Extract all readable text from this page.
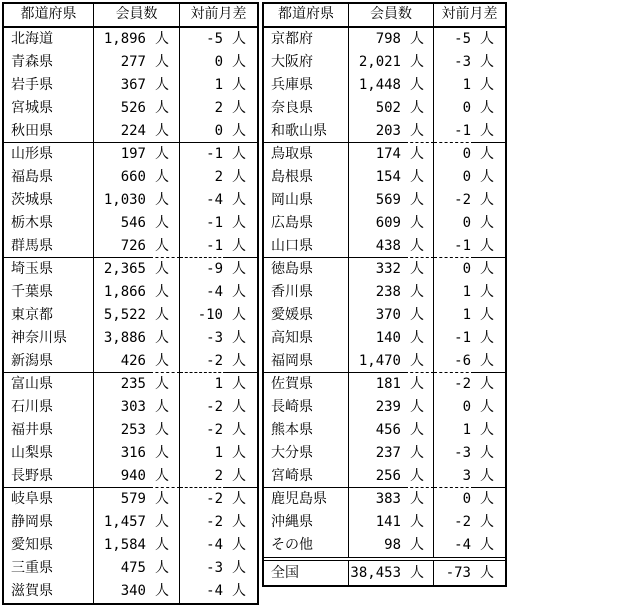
都道府県	会員数	対前月差
北海道	1,896 人	-5 人
青森県	277 人	0 人
岩手県	367 人	1 人
宮城県	526 人	2 人
秋田県	224 人	0 人
山形県	197 人	-1 人
福島県	660 人	2 人
茨城県	1,030 人	-4 人
栃木県	546 人	-1 人
群馬県	726 人	-1 人
埼玉県	2,365 人	-9 人
千葉県	1,866 人	-4 人
東京都	5,522 人	-10 人
神奈川県	3,886 人	-3 人
新潟県	426 人	-2 人
富山県	235 人	1 人
石川県	303 人	-2 人
福井県	253 人	-2 人
山梨県	316 人	1 人
長野県	940 人	2 人
岐阜県	579 人	-2 人
静岡県	1,457 人	-2 人
愛知県	1,584 人	-4 人
三重県	475 人	-3 人
滋賀県	340 人	-4 人
都道府県	会員数	対前月差
京都府	798 人	-5 人
大阪府	2,021 人	-3 人
兵庫県	1,448 人	1 人
奈良県	502 人	0 人
和歌山県	203 人	-1 人
鳥取県	174 人	0 人
島根県	154 人	0 人
岡山県	569 人	-2 人
広島県	609 人	0 人
山口県	438 人	-1 人
徳島県	332 人	0 人
香川県	238 人	1 人
愛媛県	370 人	1 人
高知県	140 人	-1 人
福岡県	1,470 人	-6 人
佐賀県	181 人	-2 人
長崎県	239 人	0 人
熊本県	456 人	1 人
大分県	237 人	-3 人
宮崎県	256 人	3 人
鹿児島県	383 人	0 人
沖縄県	141 人	-2 人
その他	98 人	-4 人
全国	38,453 人	-73 人
